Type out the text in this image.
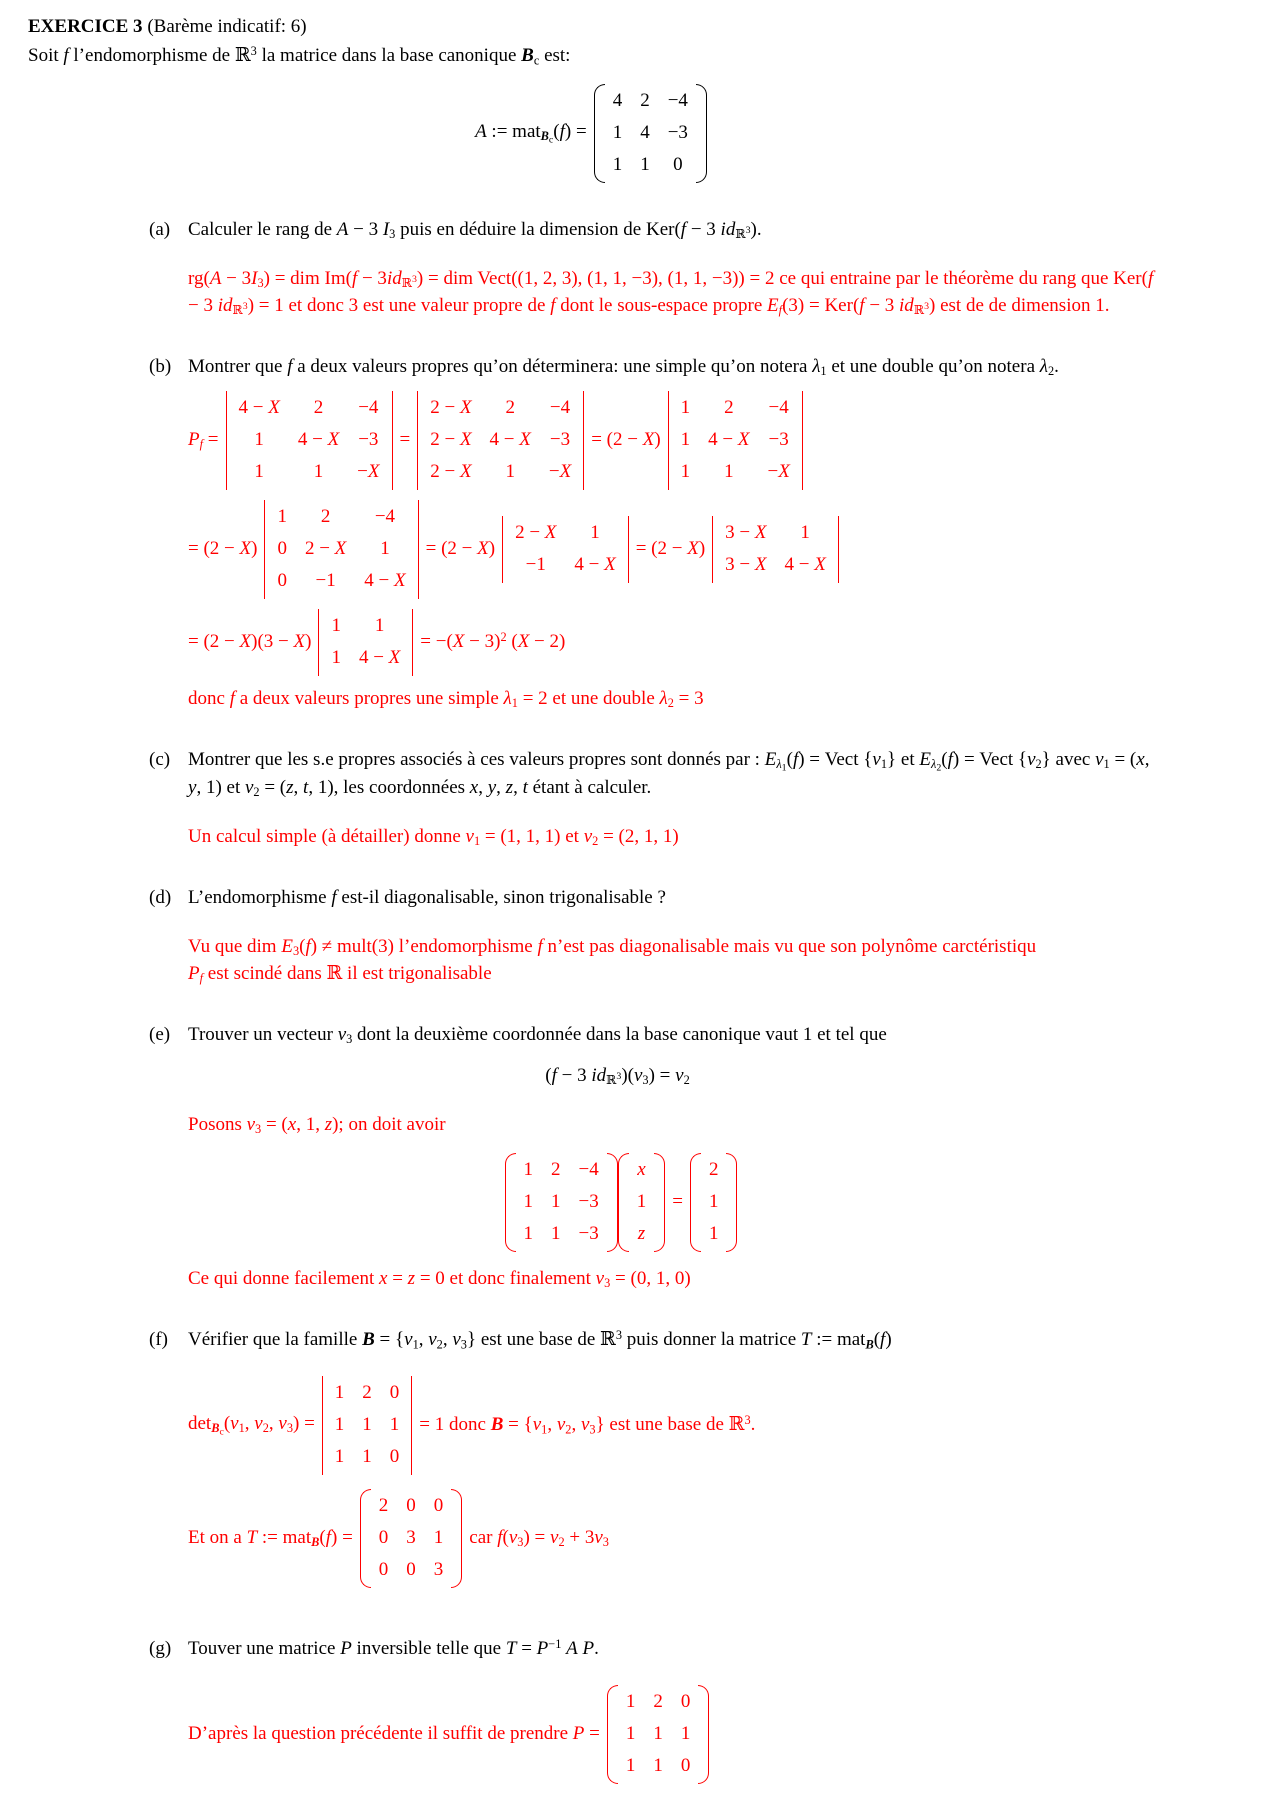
EXERCICE 3 (Barème indicatif: 6)
Soit f l’endomorphisme de ℝ$^3$ la matrice dans la base canonique $B_c$ est:
A := mat$_{B_c}$(f) =
4 2 −4
1 4 −3
1 1 0
(a) Calculer le rang de A − 3 $I_3$ puis en déduire la dimension de Ker(f − 3 $id_{ℝ^3}$).
$rg(A - 3I_3)$ = dim $Im(f - 3id_{ℝ^3})$ = dim Vect((1, 2, 3), (1, 1, −3), (1, 1, −3)) = 2 ce qui entraine par le théorème du rang que Ker(f − 3 $id_{ℝ^3}) = 1$ et donc 3 est une valeur propre de f dont le sous-espace propre $E_f(3) = Ker(f - 3$ $id_{ℝ^3}$) est de de dimension 1.
(b) Montrer que f a deux valeurs propres qu’on déterminera: une simple qu’on notera $\lambda_1$ et une double qu’on notera $\lambda_2$.
$P_f$ =
4 − X 2 −4
1 4 − X −3
1	1 −X
=
2 − X 2 −4
2 − X 4 − X −3
2 − X 1 −X
= (2 − X)
1 2 −4
1 4 − X −3
1 1 −X
= (2 − X)
1 2 −4
0 2 − X 1
0 −1 4 − X
= (2 − X)
2 − X 1
−1 4 − X
= (2 − X)
3 − X 1
3 − X 4 − X
= (2 − X)(3 − X)
1 1
1 4 − X
= $-(X - 3)^2$ (X − 2)
donc f a deux valeurs propres une simple $\lambda_1 = 2$ et une double $\lambda_2 = 3$
(c) Montrer que les s.e propres associés à ces valeurs propres sont donnés par : $E_{\lambda_1}(f)$ = Vect $\{v_1\}$ et $E_{\lambda_2}(f)$ = Vect $\{v_2\}$ avec $v_1 = (x$, y, 1) et $v_2 = (z$, t, 1), les coordonnées x, y, z, t étant à calculer.
Un calcul simple (à détailler) donne $v_1 = (1$, 1, 1) et $v_2 = (2$, 1, 1)
(d) L’endomorphisme f est-il diagonalisable, sinon trigonalisable ?
Vu que dim $E_3(f)$ ≠ mult(3) l’endomorphisme f n’est pas diagonalisable mais vu que son polynôme carctéristiqu
$P_f$ est scindé dans ℝ il est trigonalisable
(e) Trouver un vecteur $v_3$ dont la deuxième coordonnée dans la base canonique vaut 1 et tel que
(f − 3 $id_{ℝ^3})(v_3) = v_2$
Posons $v_3 = (x$, 1, z); on doit avoir
1 2 −4
1 1 −3
1 1 −3
x
1
z
=
2
1
1
Ce qui donne facilement x = z = 0 et donc finalement $v_3 = (0$, 1, 0)
(f)	Vérifier que la famille $B = \{v_1$, $v_2$, $v_3$} est une base de ℝ$^3$ puis donner la matrice T := mat$_B$(f)
$\det_{B_c}(v_1$, $v_2$, $v_3$) =
1 2 0
1 1 1
1 1 0
= 1 donc $B = \{v_1$, $v_2$, $v_3$} est une base de ℝ$^3$.
Et on a T := mat$_B$(f) =
2 0 0
0 3 1
0 0 3
car $f(v_3) = v_2 + 3v_3$
(g) Touver une matrice P inversible telle que $T = P^{-1}$ A P.
D’après la question précédente il suffit de prendre P =
1 2 0
1 1 1
1 1 0
